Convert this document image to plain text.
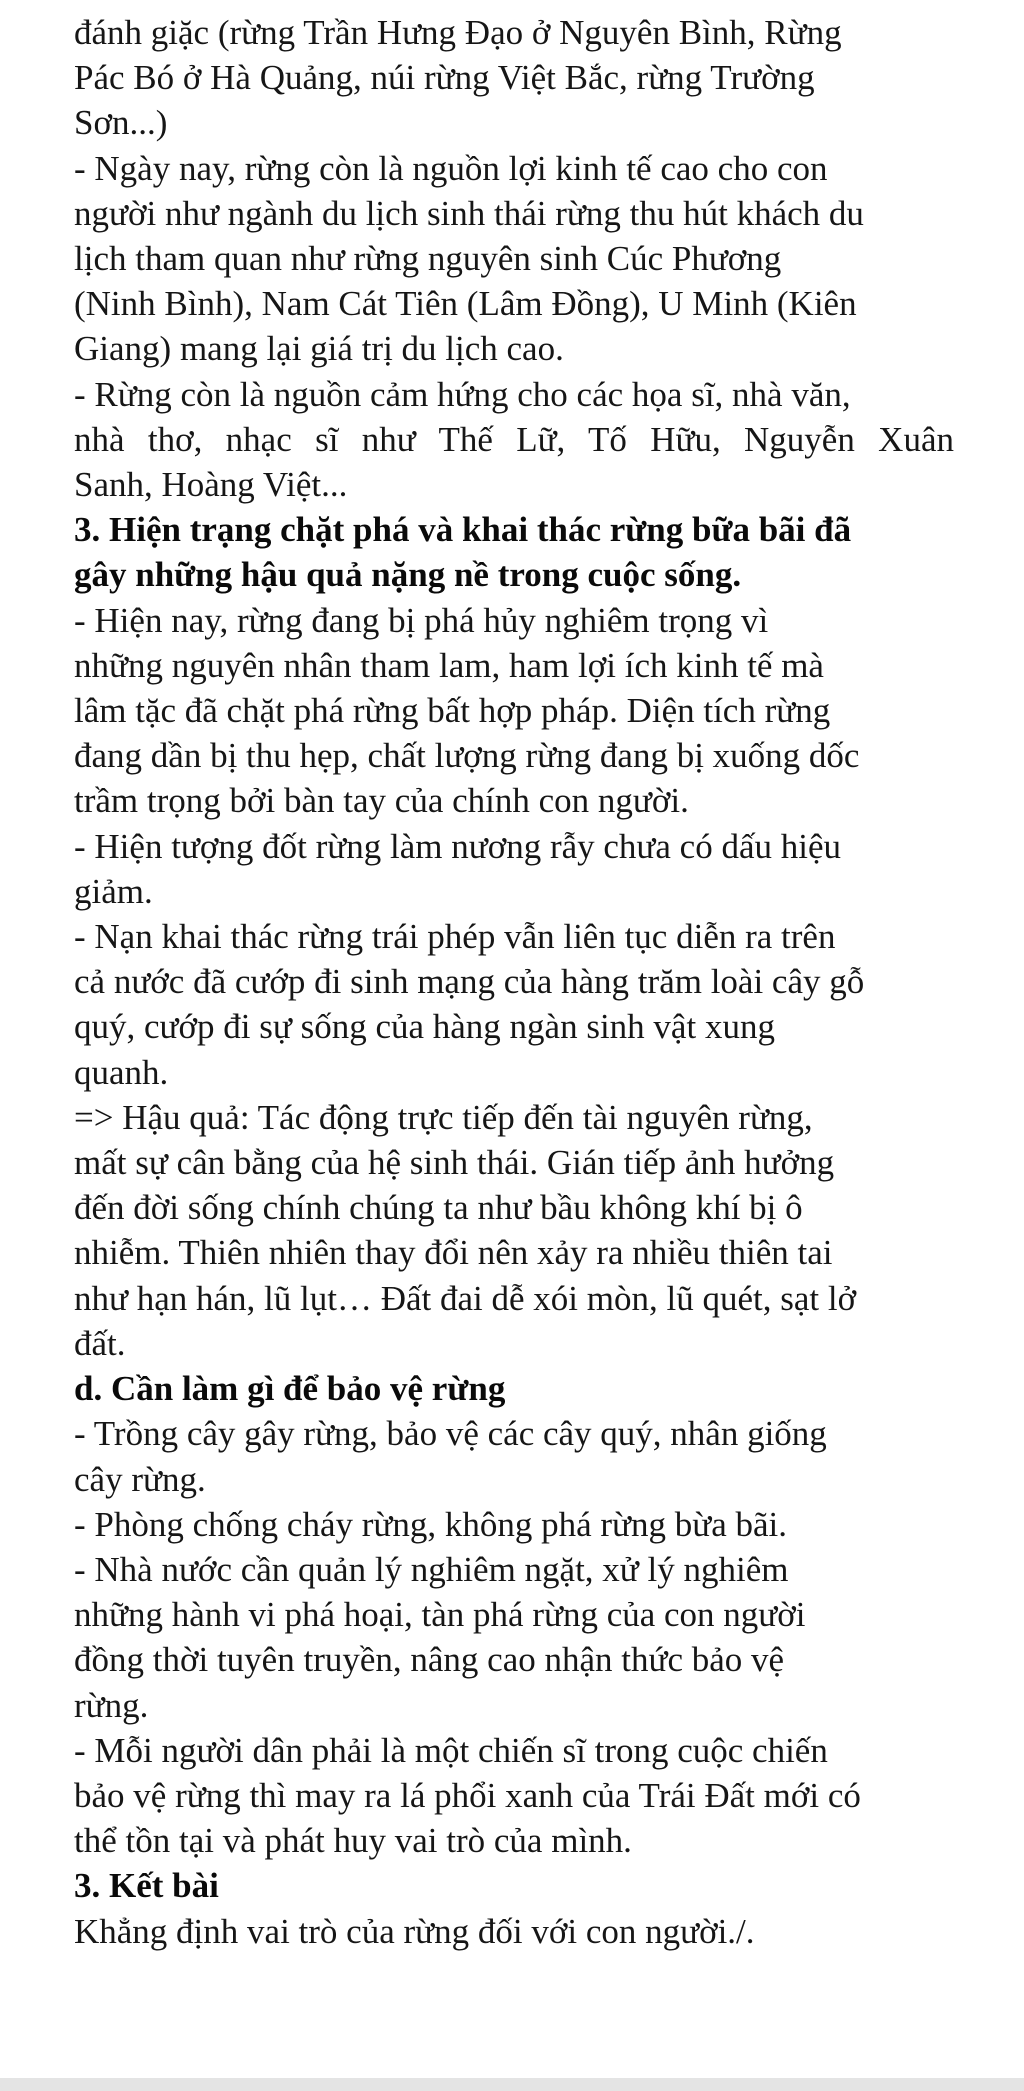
đánh giặc (rừng Trần Hưng Đạo ở Nguyên Bình, Rừng
Pác Bó ở Hà Quảng, núi rừng Việt Bắc, rừng Trường
Sơn...)
- Ngày nay, rừng còn là nguồn lợi kinh tế cao cho con
người như ngành du lịch sinh thái rừng thu hút khách du
lịch tham quan như rừng nguyên sinh Cúc Phương
(Ninh Bình), Nam Cát Tiên (Lâm Đồng), U Minh (Kiên
Giang) mang lại giá trị du lịch cao.
- Rừng còn là nguồn cảm hứng cho các họa sĩ, nhà văn,
nhà thơ, nhạc sĩ như Thế Lữ, Tố Hữu, Nguyễn Xuân
Sanh, Hoàng Việt...
3. Hiện trạng chặt phá và khai thác rừng bữa bãi đã
gây những hậu quả nặng nề trong cuộc sống.
- Hiện nay, rừng đang bị phá hủy nghiêm trọng vì
những nguyên nhân tham lam, ham lợi ích kinh tế mà
lâm tặc đã chặt phá rừng bất hợp pháp. Diện tích rừng
đang dần bị thu hẹp, chất lượng rừng đang bị xuống dốc
trầm trọng bởi bàn tay của chính con người.
- Hiện tượng đốt rừng làm nương rẫy chưa có dấu hiệu
giảm.
- Nạn khai thác rừng trái phép vẫn liên tục diễn ra trên
cả nước đã cướp đi sinh mạng của hàng trăm loài cây gỗ
quý, cướp đi sự sống của hàng ngàn sinh vật xung
quanh.
=> Hậu quả: Tác động trực tiếp đến tài nguyên rừng,
mất sự cân bằng của hệ sinh thái. Gián tiếp ảnh hưởng
đến đời sống chính chúng ta như bầu không khí bị ô
nhiễm. Thiên nhiên thay đổi nên xảy ra nhiều thiên tai
như hạn hán, lũ lụt… Đất đai dễ xói mòn, lũ quét, sạt lở
đất.
d. Cần làm gì để bảo vệ rừng
- Trồng cây gây rừng, bảo vệ các cây quý, nhân giống
cây rừng.
- Phòng chống cháy rừng, không phá rừng bừa bãi.
- Nhà nước cần quản lý nghiêm ngặt, xử lý nghiêm
những hành vi phá hoại, tàn phá rừng của con người
đồng thời tuyên truyền, nâng cao nhận thức bảo vệ
rừng.
- Mỗi người dân phải là một chiến sĩ trong cuộc chiến
bảo vệ rừng thì may ra lá phổi xanh của Trái Đất mới có
thể tồn tại và phát huy vai trò của mình.
3. Kết bài
Khẳng định vai trò của rừng đối với con người./.
